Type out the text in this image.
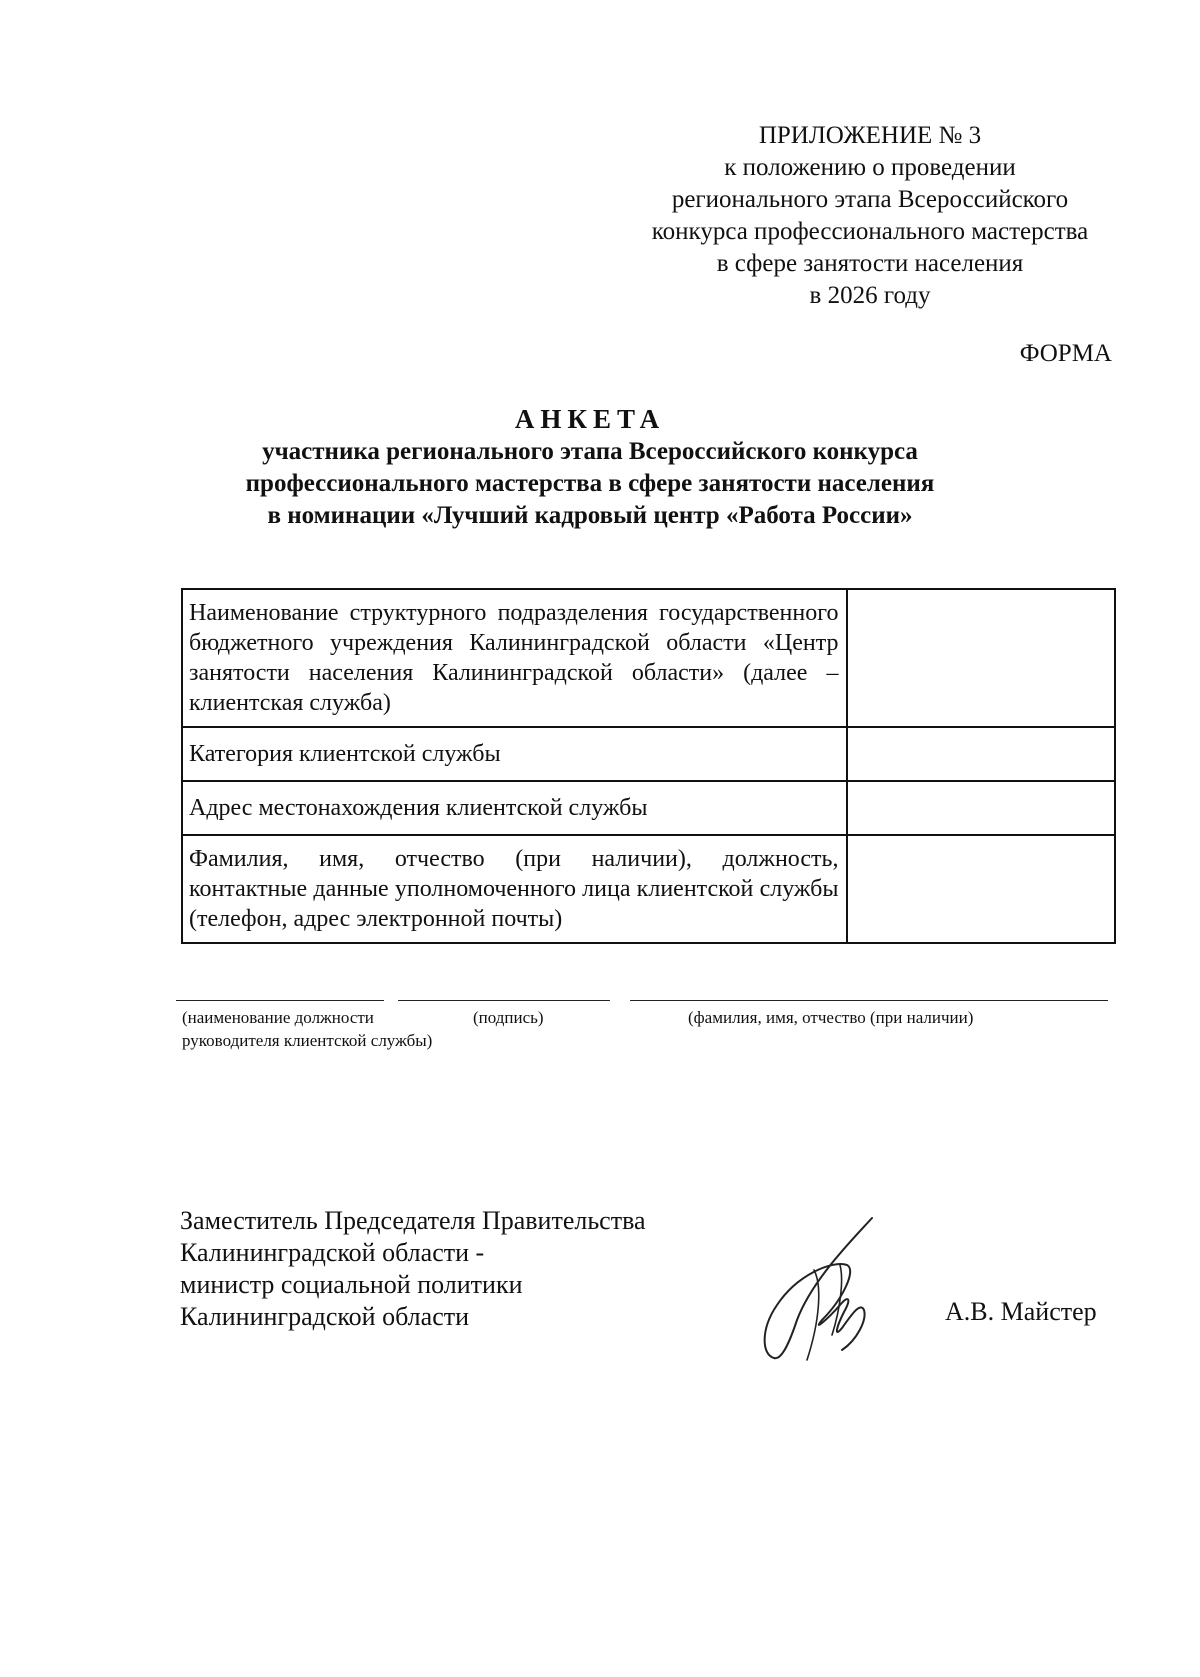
ПРИЛОЖЕНИЕ № 3
к положению о проведении
регионального этапа Всероссийского
конкурса профессионального мастерства
в сфере занятости населения
в 2026 году
ФОРМА
АНКЕТА
участника регионального этапа Всероссийского конкурса
профессионального мастерства в сфере занятости населения
в номинации «Лучший кадровый центр «Работа России»
Наименование структурного подразделения государственного бюджетного учреждения Калининградской области «Центр занятости населения Калининградской области» (далее – клиентская служба)	
Категория клиентской службы	
Адрес местонахождения клиентской службы	
Фамилия, имя, отчество (при наличии), должность, контактные данные уполномоченного лица клиентской службы (телефон, адрес электронной почты)	
(наименование должности
руководителя клиентской службы)
(подпись)	(фамилия, имя, отчество (при наличии)
Заместитель Председателя Правительства
Калининградской области -
министр социальной политики
Калининградской области	А.В. Майстер
